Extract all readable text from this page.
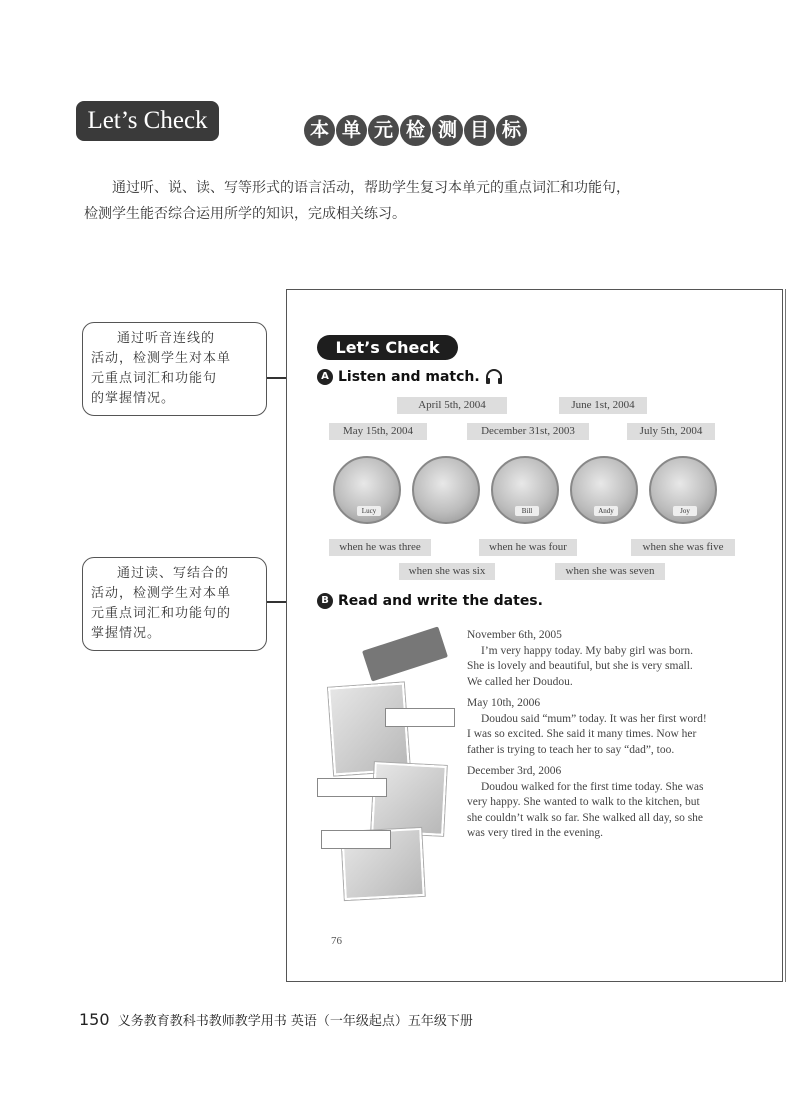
Let’s Check	本 单 元 检 测 目 标
通过听、说、读、写等形式的语言活动，帮助学生复习本单元的重点词汇和功能句，
检测学生能否综合运用所学的知识，完成相关练习。
通过听音连线的
活动，检测学生对本单
元重点词汇和功能句
的掌握情况。
通过读、写结合的
活动，检测学生对本单
元重点词汇和功能句的
掌握情况。
Let’s Check
A Listen and match.
April 5th, 2004	June 1st, 2004
May 15th, 2004	December 31st, 2003	July 5th, 2004
Lucy	Bill	Andy	Joy
when he was three	when he was four	when she was five
when she was six	when she was seven
B Read and write the dates.
November 6th, 2005
I’m very happy today. My baby girl was born. She is lovely and beautiful, but she is very small. We called her Doudou.
May 10th, 2006
Doudou said “mum” today. It was her first word! I was so excited. She said it many times. Now her father is trying to teach her to say “dad”, too.
December 3rd, 2006
Doudou walked for the first time today. She was very happy. She wanted to walk to the kitchen, but she couldn’t walk so far. She walked all day, so she was very tired in the evening.
76
150 义务教育教科书教师教学用书 英语（一年级起点）五年级下册
